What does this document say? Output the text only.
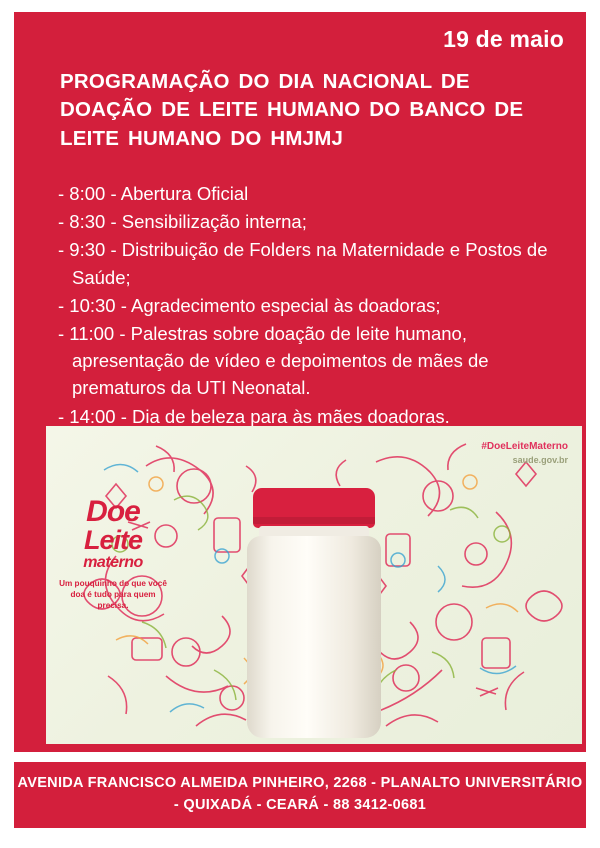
19 de maio
PROGRAMAÇÃO DO DIA NACIONAL DE DOAÇÃO DE LEITE HUMANO DO BANCO DE LEITE HUMANO DO HMJMJ

- 8:00 - Abertura Oficial

- 8:30 - Sensibilização interna;

- 9:30 - Distribuição de Folders na Maternidade e Postos de Saúde;

- 10:30 - Agradecimento especial às doadoras;

- 11:00 - Palestras sobre doação de leite humano, apresentação de vídeo e depoimentos de mães de prematuros da UTI Neonatal.

- 14:00 - Dia de beleza para às mães doadoras.

#DoeLeiteMaterno
saude.gov.br
Doe
Leite
materno
Um pouquinho do que você doa é tudo para quem precisa.
AVENIDA FRANCISCO ALMEIDA PINHEIRO, 2268 - PLANALTO UNIVERSITÁRIO - QUIXADÁ - CEARÁ - 88 3412-0681
